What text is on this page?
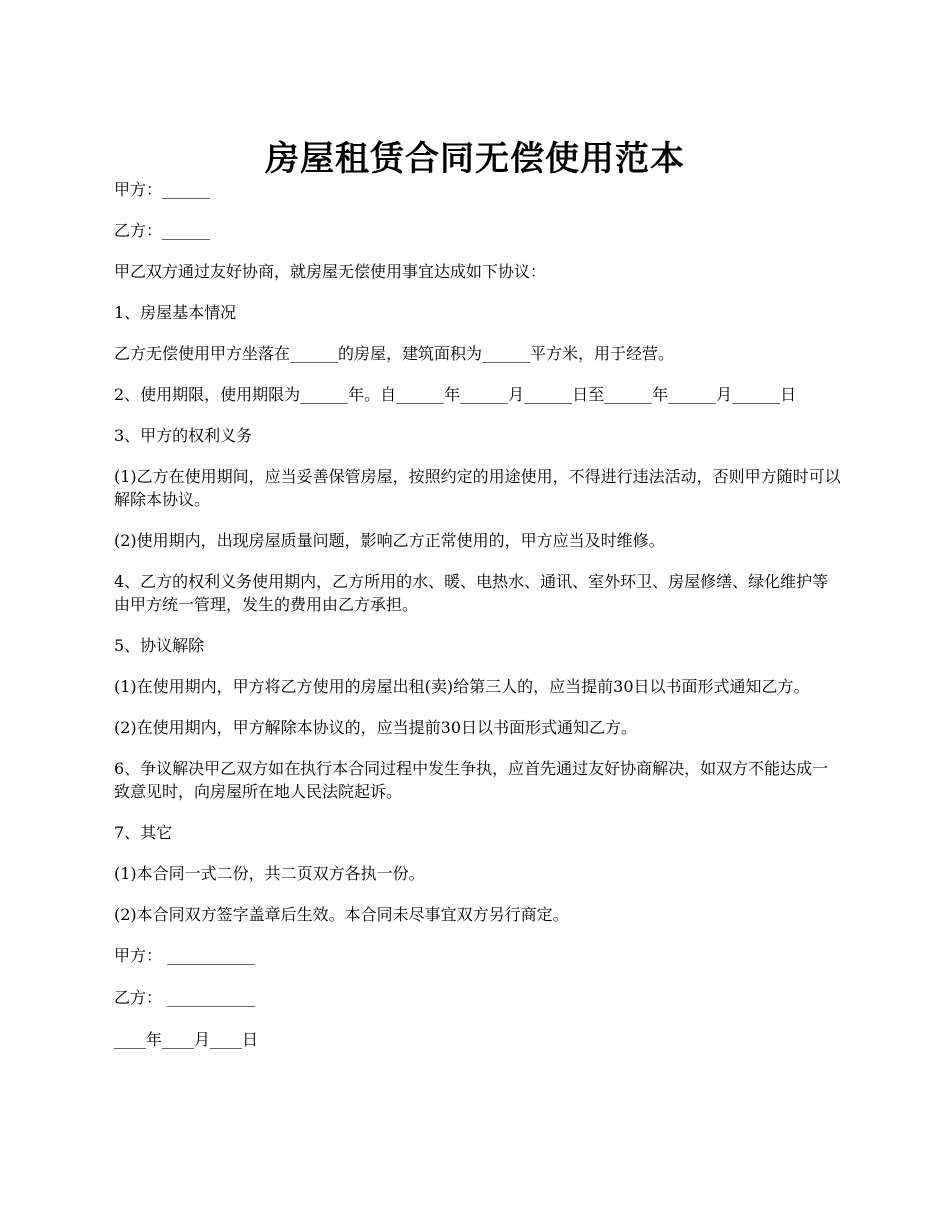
房屋租赁合同无偿使用范本

甲方：______

乙方：______

甲乙双方通过友好协商，就房屋无偿使用事宜达成如下协议：

1、房屋基本情况

乙方无偿使用甲方坐落在______的房屋，建筑面积为______平方米，用于经营。

2、使用期限，使用期限为______年。自______年______月______日至______年______月______日

3、甲方的权利义务

(1)乙方在使用期间，应当妥善保管房屋，按照约定的用途使用，不得进行违法活动，否则甲方随时可以解除本协议。

(2)使用期内，出现房屋质量问题，影响乙方正常使用的，甲方应当及时维修。

4、乙方的权利义务使用期内，乙方所用的水、暖、电热水、通讯、室外环卫、房屋修缮、绿化维护等由甲方统一管理，发生的费用由乙方承担。

5、协议解除

(1)在使用期内，甲方将乙方使用的房屋出租(卖)给第三人的，应当提前30日以书面形式通知乙方。

(2)在使用期内，甲方解除本协议的，应当提前30日以书面形式通知乙方。

6、争议解决甲乙双方如在执行本合同过程中发生争执，应首先通过友好协商解决，如双方不能达成一致意见时，向房屋所在地人民法院起诉。

7、其它

(1)本合同一式二份，共二页双方各执一份。

(2)本合同双方签字盖章后生效。本合同未尽事宜双方另行商定。

甲方： ___________

乙方： ___________

____年____月____日
